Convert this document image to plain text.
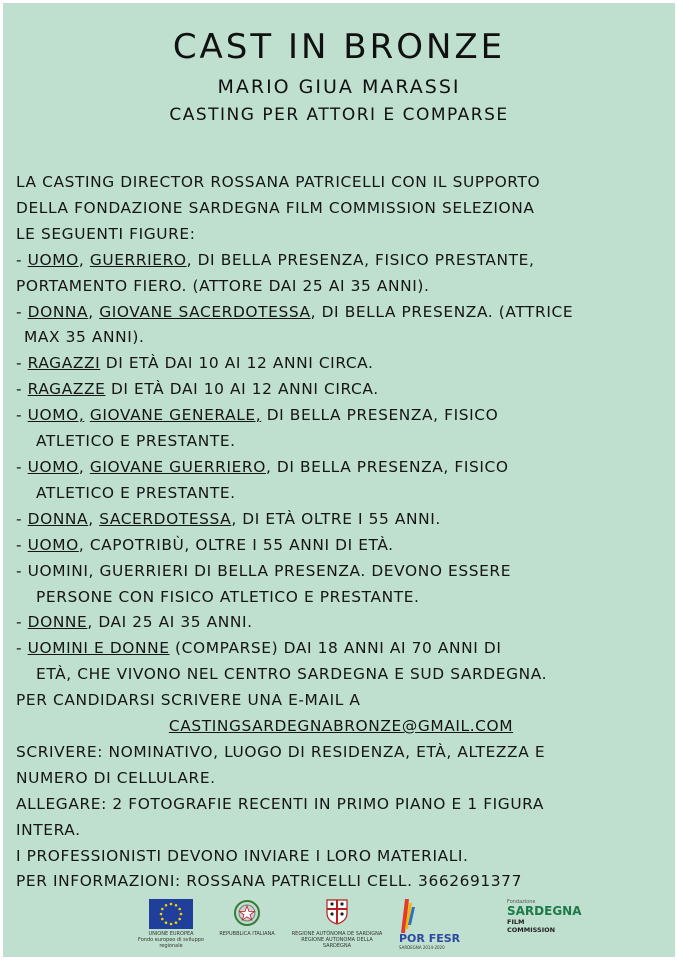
CAST IN BRONZE
MARIO GIUA MARASSI
CASTING PER ATTORI E COMPARSE

LA CASTING DIRECTOR ROSSANA PATRICELLI CON IL SUPPORTO

DELLA FONDAZIONE SARDEGNA FILM COMMISSION SELEZIONA

LE SEGUENTI FIGURE:

- UOMO, GUERRIERO, DI BELLA PRESENZA, FISICO PRESTANTE,

PORTAMENTO FIERO. (ATTORE DAI 25 AI 35 ANNI).

- DONNA, GIOVANE SACERDOTESSA, DI BELLA PRESENZA. (ATTRICE

MAX 35 ANNI).

- RAGAZZI DI ETÀ DAI 10 AI 12 ANNI CIRCA.

- RAGAZZE DI ETÀ DAI 10 AI 12 ANNI CIRCA.

- UOMO, GIOVANE GENERALE, DI BELLA PRESENZA, FISICO

ATLETICO E PRESTANTE.

- UOMO, GIOVANE GUERRIERO, DI BELLA PRESENZA, FISICO

ATLETICO E PRESTANTE.

- DONNA, SACERDOTESSA, DI ETÀ OLTRE I 55 ANNI.

- UOMO, CAPOTRIBÙ, OLTRE I 55 ANNI DI ETÀ.

- UOMINI, GUERRIERI DI BELLA PRESENZA. DEVONO ESSERE

PERSONE CON FISICO ATLETICO E PRESTANTE.

- DONNE, DAI 25 AI 35 ANNI.

- UOMINI E DONNE (COMPARSE) DAI 18 ANNI AI 70 ANNI DI

ETÀ, CHE VIVONO NEL CENTRO SARDEGNA E SUD SARDEGNA.

PER CANDIDARSI SCRIVERE UNA E-MAIL A

CASTINGSARDEGNABRONZE@GMAIL.COM

SCRIVERE: NOMINATIVO, LUOGO DI RESIDENZA, ETÀ, ALTEZZA E

NUMERO DI CELLULARE.

ALLEGARE: 2 FOTOGRAFIE RECENTI IN PRIMO PIANO E 1 FIGURA

INTERA.

I PROFESSIONISTI DEVONO INVIARE I LORO MATERIALI.

PER INFORMAZIONI: ROSSANA PATRICELLI CELL. 3662691377

UNIONE EUROPEA
Fondo europeo di sviluppo regionale
REPUBBLICA ITALIANA	REGIONE AUTÒNOMA DE SARDIGNA
REGIONE AUTONOMA DELLA SARDEGNA

POR FESR
SARDEGNA 2014-2020
Fondazione
SARDEGNA
FILM COMMISSION
